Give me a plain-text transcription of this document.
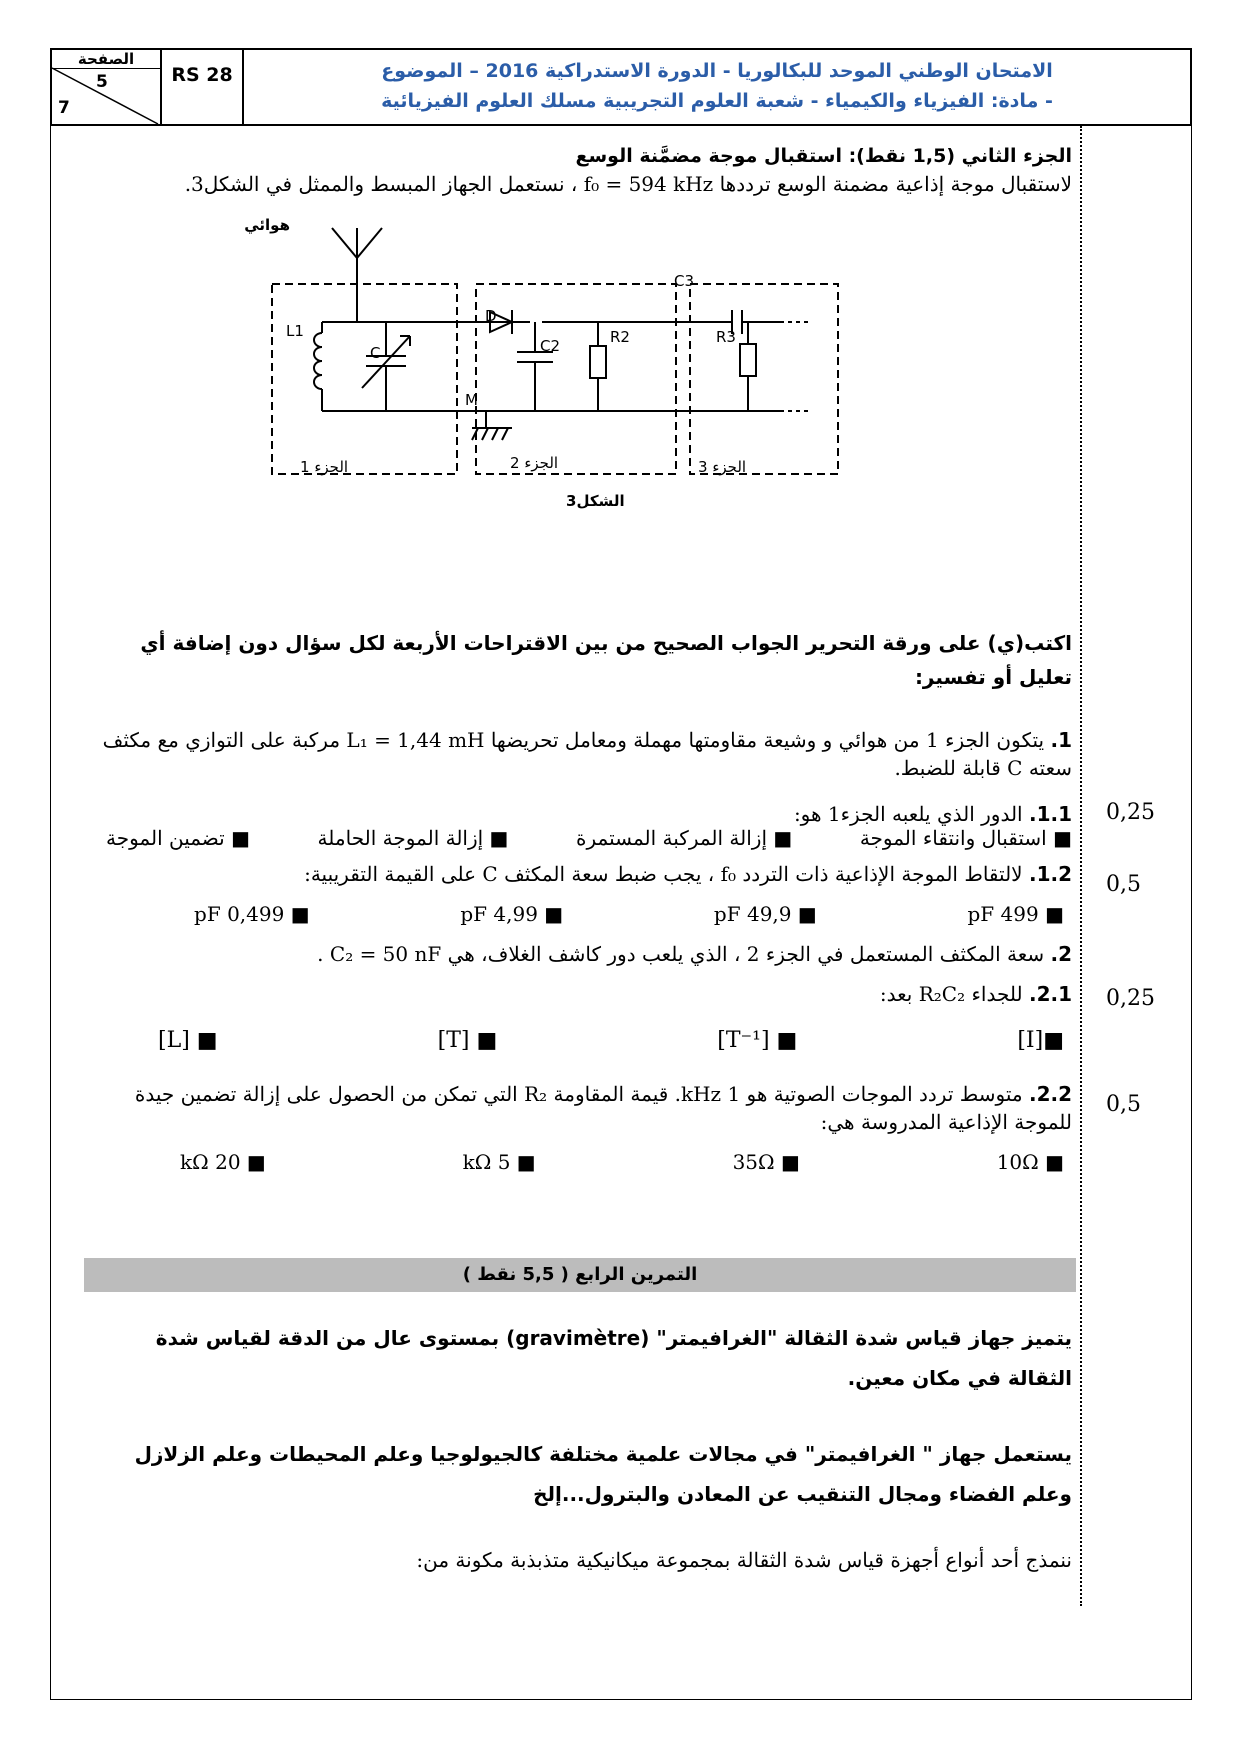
الصفحة
5
7
RS 28	الامتحان الوطني الموحد للبكالوريا - الدورة الاستدراكية 2016 – الموضوع
- مادة: الفيزياء والكيمياء - شعبة العلوم التجريبية مسلك العلوم الفيزيائية
الجزء الثاني (1,5 نقط): استقبال موجة مضمَّنة الوسع
لاستقبال موجة إذاعية مضمنة الوسع ترددها f₀ = 594 kHz ، نستعمل الجهاز المبسط والممثل في الشكل3.
هوائي
L1
C
D
C2	R2
C3
R3
M
الجزء 1	الجزء 2	الجزء 3
الشكل3
اكتب(ي) على ورقة التحرير الجواب الصحيح من بين الاقتراحات الأربعة لكل سؤال دون إضافة أي تعليل أو تفسير:
1. يتكون الجزء 1 من هوائي و وشيعة مقاومتها مهملة ومعامل تحريضها L₁ = 1,44 mH مركبة على التوازي مع مكثف سعته C قابلة للضبط.
1.1. الدور الذي يلعبه الجزء1 هو:	0,25
■ استقبال وانتقاء الموجة
■ إزالة المركبة المستمرة
■ إزالة الموجة الحاملة
■ تضمين الموجة
1.2. لالتقاط الموجة الإذاعية ذات التردد f₀ ، يجب ضبط سعة المكثف C على القيمة التقريبية:	0,5
■ 499 pF
■ 49,9 pF
■ 4,99 pF
■ 0,499 pF
2. سعة المكثف المستعمل في الجزء 2 ، الذي يلعب دور كاشف الغلاف، هي C₂ = 50 nF .
2.1. للجداء R₂C₂ بعد:	0,25
■[I]
■ [T⁻¹]
■ [T]
■ [L]
2.2. متوسط تردد الموجات الصوتية هو 1 kHz. قيمة المقاومة R₂ التي تمكن من الحصول على إزالة تضمين جيدة للموجة الإذاعية المدروسة هي:
0,5
■ 10Ω
■ 35Ω
■ 5 kΩ
■ 20 kΩ
التمرين الرابع ( 5,5 نقط )
يتميز جهاز قياس شدة الثقالة "الغرافيمتر" (gravimètre) بمستوى عال من الدقة لقياس شدة الثقالة في مكان معين.
يستعمل جهاز " الغرافيمتر" في مجالات علمية مختلفة كالجيولوجيا وعلم المحيطات وعلم الزلازل وعلم الفضاء ومجال التنقيب عن المعادن والبترول...إلخ
ننمذج أحد أنواع أجهزة قياس شدة الثقالة بمجموعة ميكانيكية متذبذبة مكونة من:
